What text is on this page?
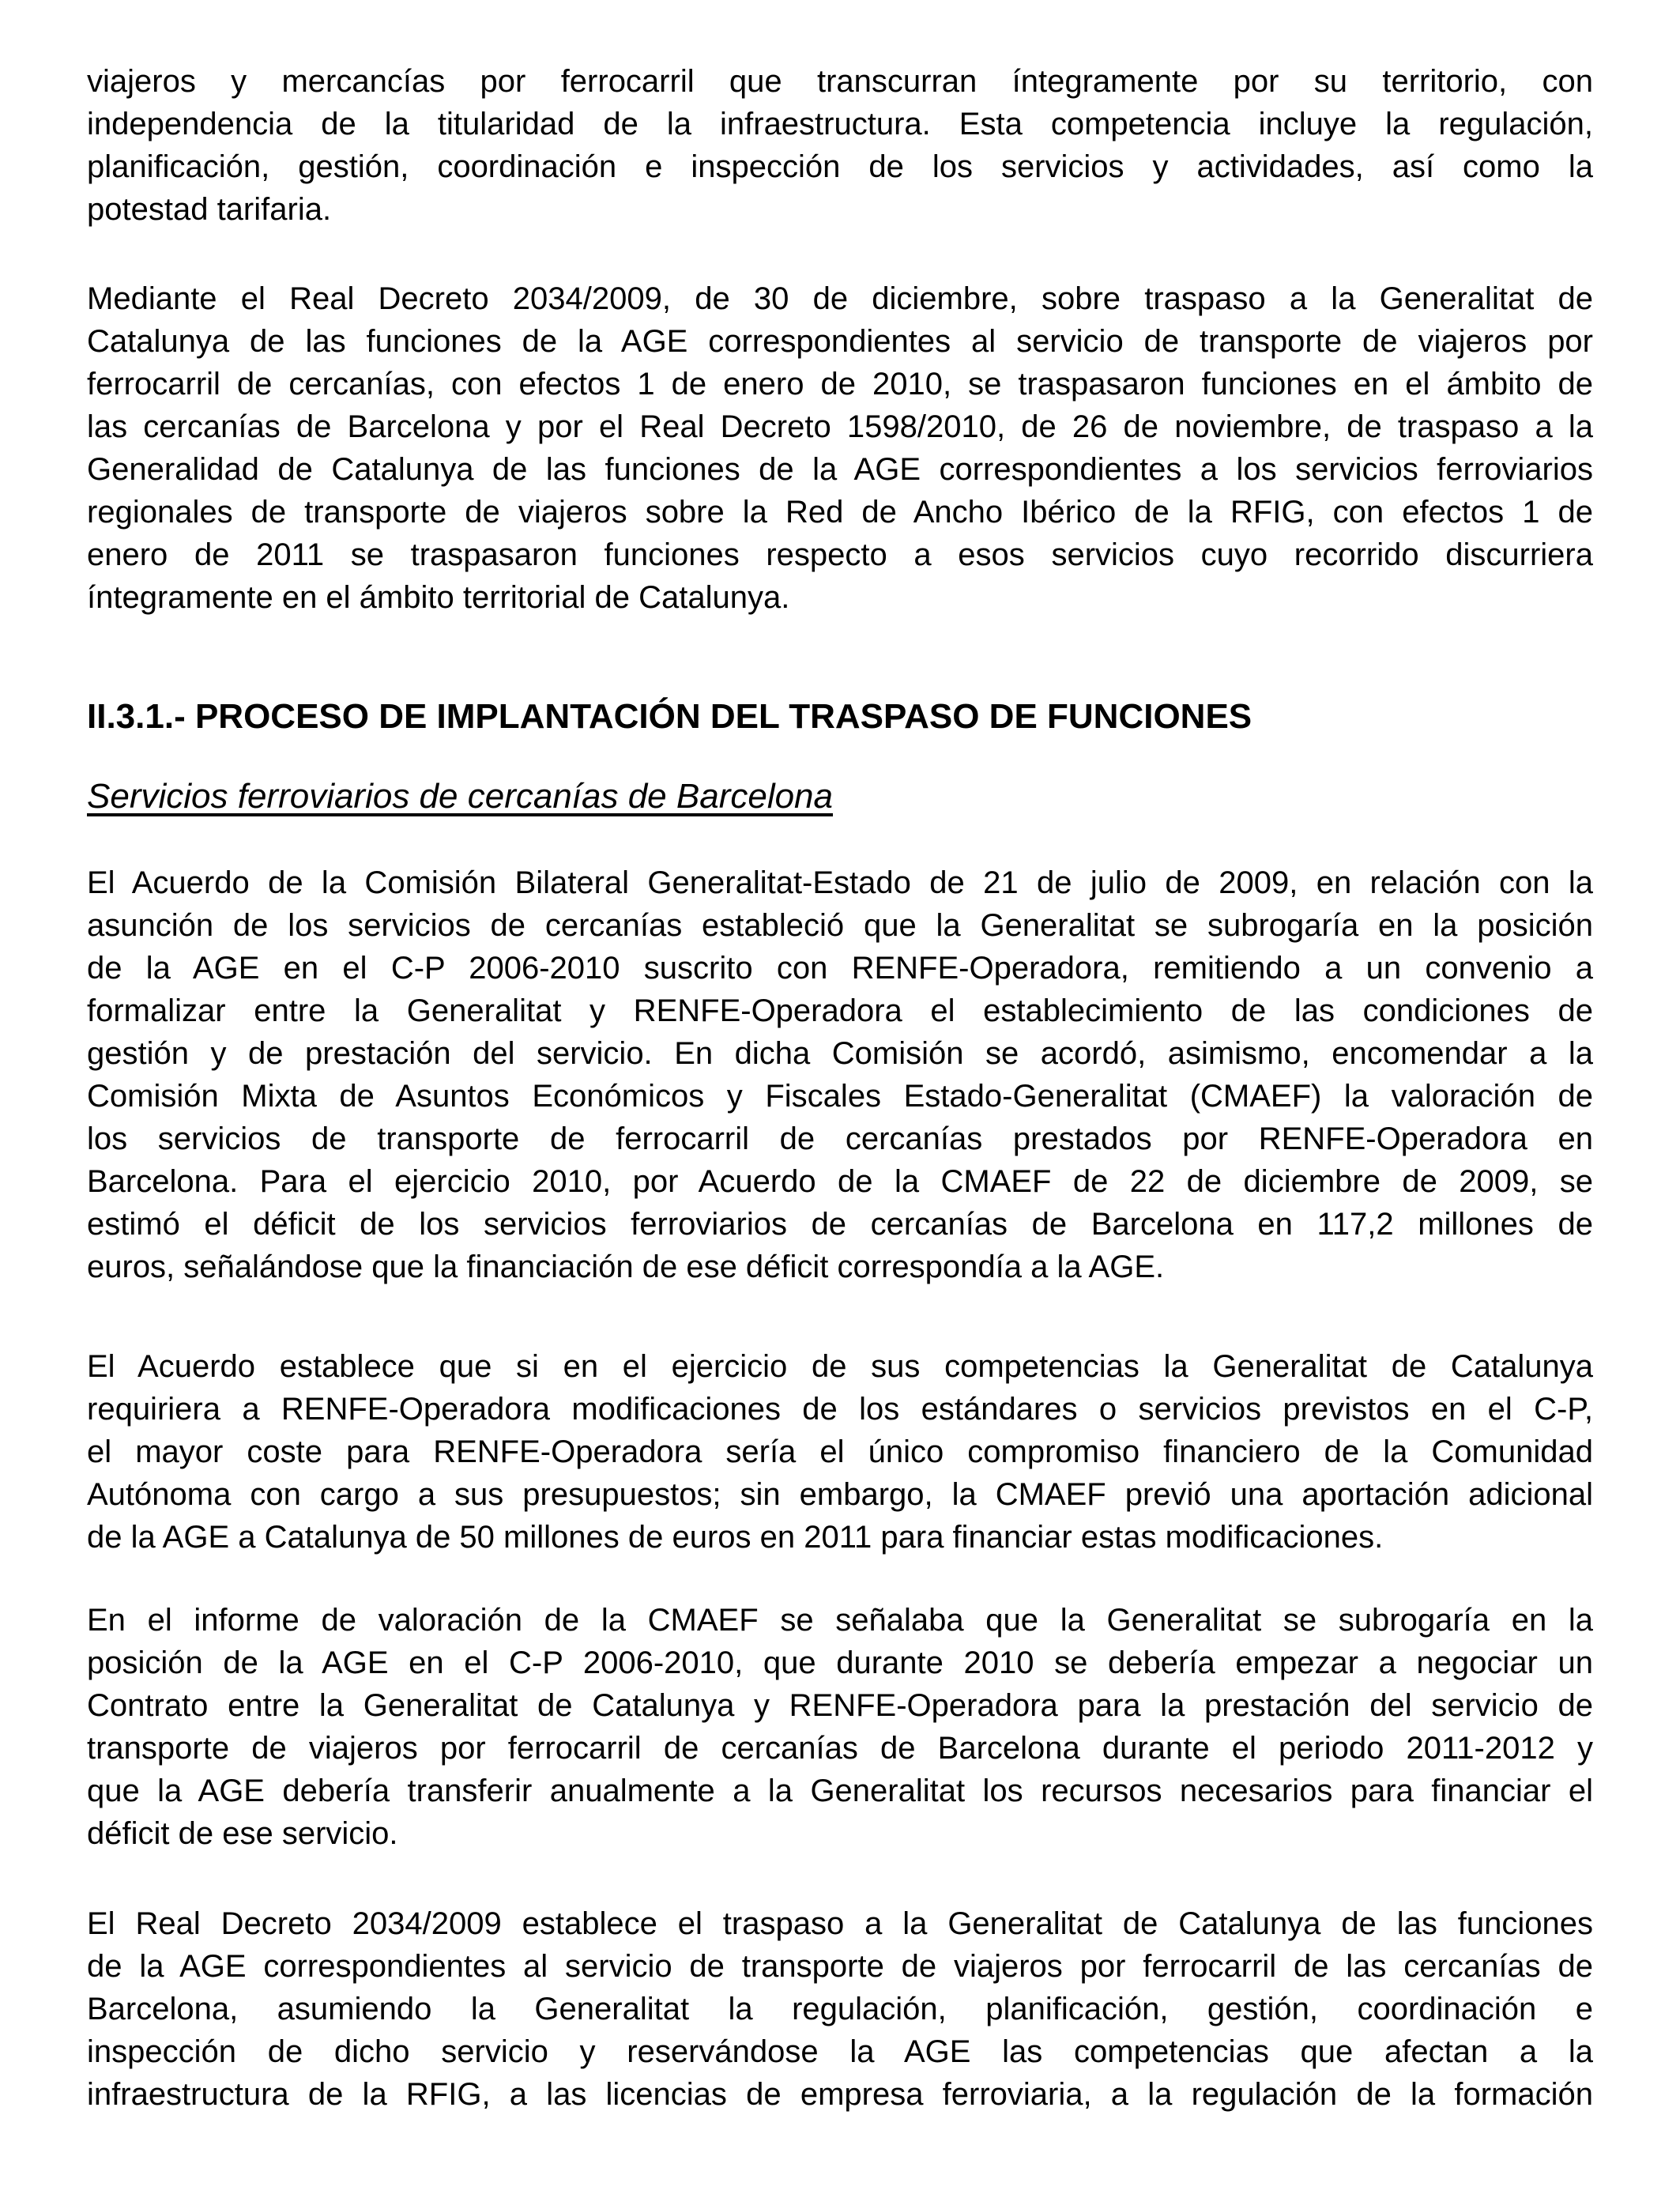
viajeros y mercancías por ferrocarril que transcurran íntegramente por su territorio, con
independencia de la titularidad de la infraestructura. Esta competencia incluye la regulación,
planificación, gestión, coordinación e inspección de los servicios y actividades, así como la
potestad tarifaria.

Mediante el Real Decreto 2034/2009, de 30 de diciembre, sobre traspaso a la Generalitat de
Catalunya de las funciones de la AGE correspondientes al servicio de transporte de viajeros por
ferrocarril de cercanías, con efectos 1 de enero de 2010, se traspasaron funciones en el ámbito de
las cercanías de Barcelona y por el Real Decreto 1598/2010, de 26 de noviembre, de traspaso a la
Generalidad de Catalunya de las funciones de la AGE correspondientes a los servicios ferroviarios
regionales de transporte de viajeros sobre la Red de Ancho Ibérico de la RFIG, con efectos 1 de
enero de 2011 se traspasaron funciones respecto a esos servicios cuyo recorrido discurriera
íntegramente en el ámbito territorial de Catalunya.

II.3.1.- PROCESO DE IMPLANTACIÓN DEL TRASPASO DE FUNCIONES
Servicios ferroviarios de cercanías de Barcelona

El Acuerdo de la Comisión Bilateral Generalitat-Estado de 21 de julio de 2009, en relación con la
asunción de los servicios de cercanías estableció que la Generalitat se subrogaría en la posición
de la AGE en el C-P 2006-2010 suscrito con RENFE-Operadora, remitiendo a un convenio a
formalizar entre la Generalitat y RENFE-Operadora el establecimiento de las condiciones de
gestión y de prestación del servicio. En dicha Comisión se acordó, asimismo, encomendar a la
Comisión Mixta de Asuntos Económicos y Fiscales Estado-Generalitat (CMAEF) la valoración de
los servicios de transporte de ferrocarril de cercanías prestados por RENFE-Operadora en
Barcelona. Para el ejercicio 2010, por Acuerdo de la CMAEF de 22 de diciembre de 2009, se
estimó el déficit de los servicios ferroviarios de cercanías de Barcelona en 117,2 millones de
euros, señalándose que la financiación de ese déficit correspondía a la AGE.

El Acuerdo establece que si en el ejercicio de sus competencias la Generalitat de Catalunya
requiriera a RENFE-Operadora modificaciones de los estándares o servicios previstos en el C-P,
el mayor coste para RENFE-Operadora sería el único compromiso financiero de la Comunidad
Autónoma con cargo a sus presupuestos; sin embargo, la CMAEF previó una aportación adicional
de la AGE a Catalunya de 50 millones de euros en 2011 para financiar estas modificaciones.

En el informe de valoración de la CMAEF se señalaba que la Generalitat se subrogaría en la
posición de la AGE en el C-P 2006-2010, que durante 2010 se debería empezar a negociar un
Contrato entre la Generalitat de Catalunya y RENFE-Operadora para la prestación del servicio de
transporte de viajeros por ferrocarril de cercanías de Barcelona durante el periodo 2011-2012 y
que la AGE debería transferir anualmente a la Generalitat los recursos necesarios para financiar el
déficit de ese servicio.

El Real Decreto 2034/2009 establece el traspaso a la Generalitat de Catalunya de las funciones
de la AGE correspondientes al servicio de transporte de viajeros por ferrocarril de las cercanías de
Barcelona, asumiendo la Generalitat la regulación, planificación, gestión, coordinación e
inspección de dicho servicio y reservándose la AGE las competencias que afectan a la
infraestructura de la RFIG, a las licencias de empresa ferroviaria, a la regulación de la formación
